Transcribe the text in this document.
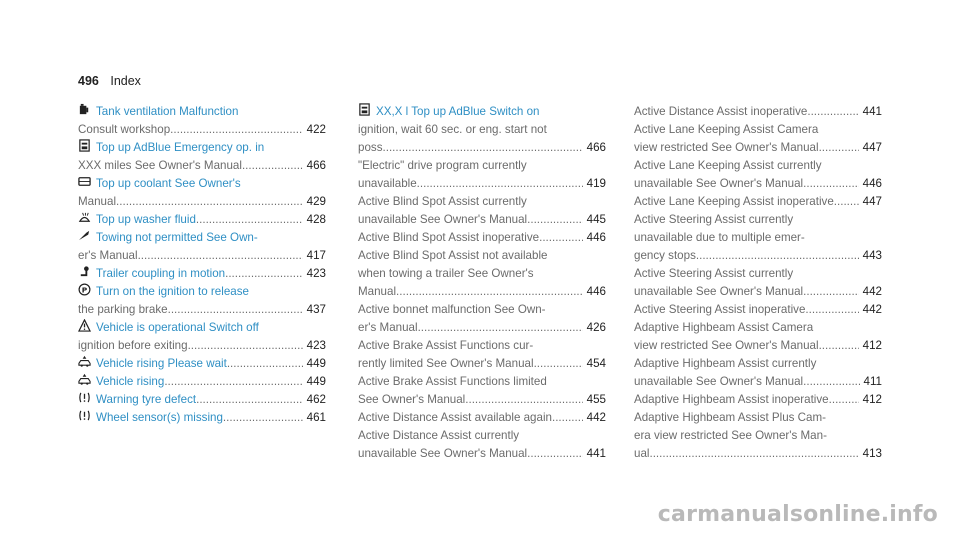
496 Index
Tank ventilation Malfunction
Consult workshop .....	422
Top up AdBlue Emergency op. in
XXX miles See Owner's Manual .....	466
Top up coolant See Owner's
Manual .....	429
Top up washer fluid .....	428
Towing not permitted See Own-
er's Manual .....	417
Trailer coupling in motion .....	423
P Turn on the ignition to release
the parking brake .....	437
Vehicle is operational Switch off
ignition before exiting .....	423
Vehicle rising Please wait .....	449
Vehicle rising .....	449
Warning tyre defect .....	462
Wheel sensor(s) missing .....	461
XX,X l Top up AdBlue Switch on
ignition, wait 60 sec. or eng. start not
poss. .....	466
"Electric" drive program currently
unavailable .....	419
Active Blind Spot Assist currently
unavailable See Owner's Manual .....	445
Active Blind Spot Assist inoperative .....	446
Active Blind Spot Assist not available
when towing a trailer See Owner's
Manual .....	446
Active bonnet malfunction See Own-
er's Manual .....	426
Active Brake Assist Functions cur-
rently limited See Owner's Manual .....	454
Active Brake Assist Functions limited
See Owner's Manual .....	455
Active Distance Assist available again .....	442
Active Distance Assist currently
unavailable See Owner's Manual .....	441
Active Distance Assist inoperative .....	441
Active Lane Keeping Assist Camera
view restricted See Owner's Manual .....	447
Active Lane Keeping Assist currently
unavailable See Owner's Manual .....	446
Active Lane Keeping Assist inoperative .....	447
Active Steering Assist currently
unavailable due to multiple emer-
gency stops .....	443
Active Steering Assist currently
unavailable See Owner's Manual .....	442
Active Steering Assist inoperative .....	442
Adaptive Highbeam Assist Camera
view restricted See Owner's Manual .....	412
Adaptive Highbeam Assist currently
unavailable See Owner's Manual .....	411
Adaptive Highbeam Assist inoperative .....	412
Adaptive Highbeam Assist Plus Cam-
era view restricted See Owner's Man-
ual .....	413
carmanualsonline.info
